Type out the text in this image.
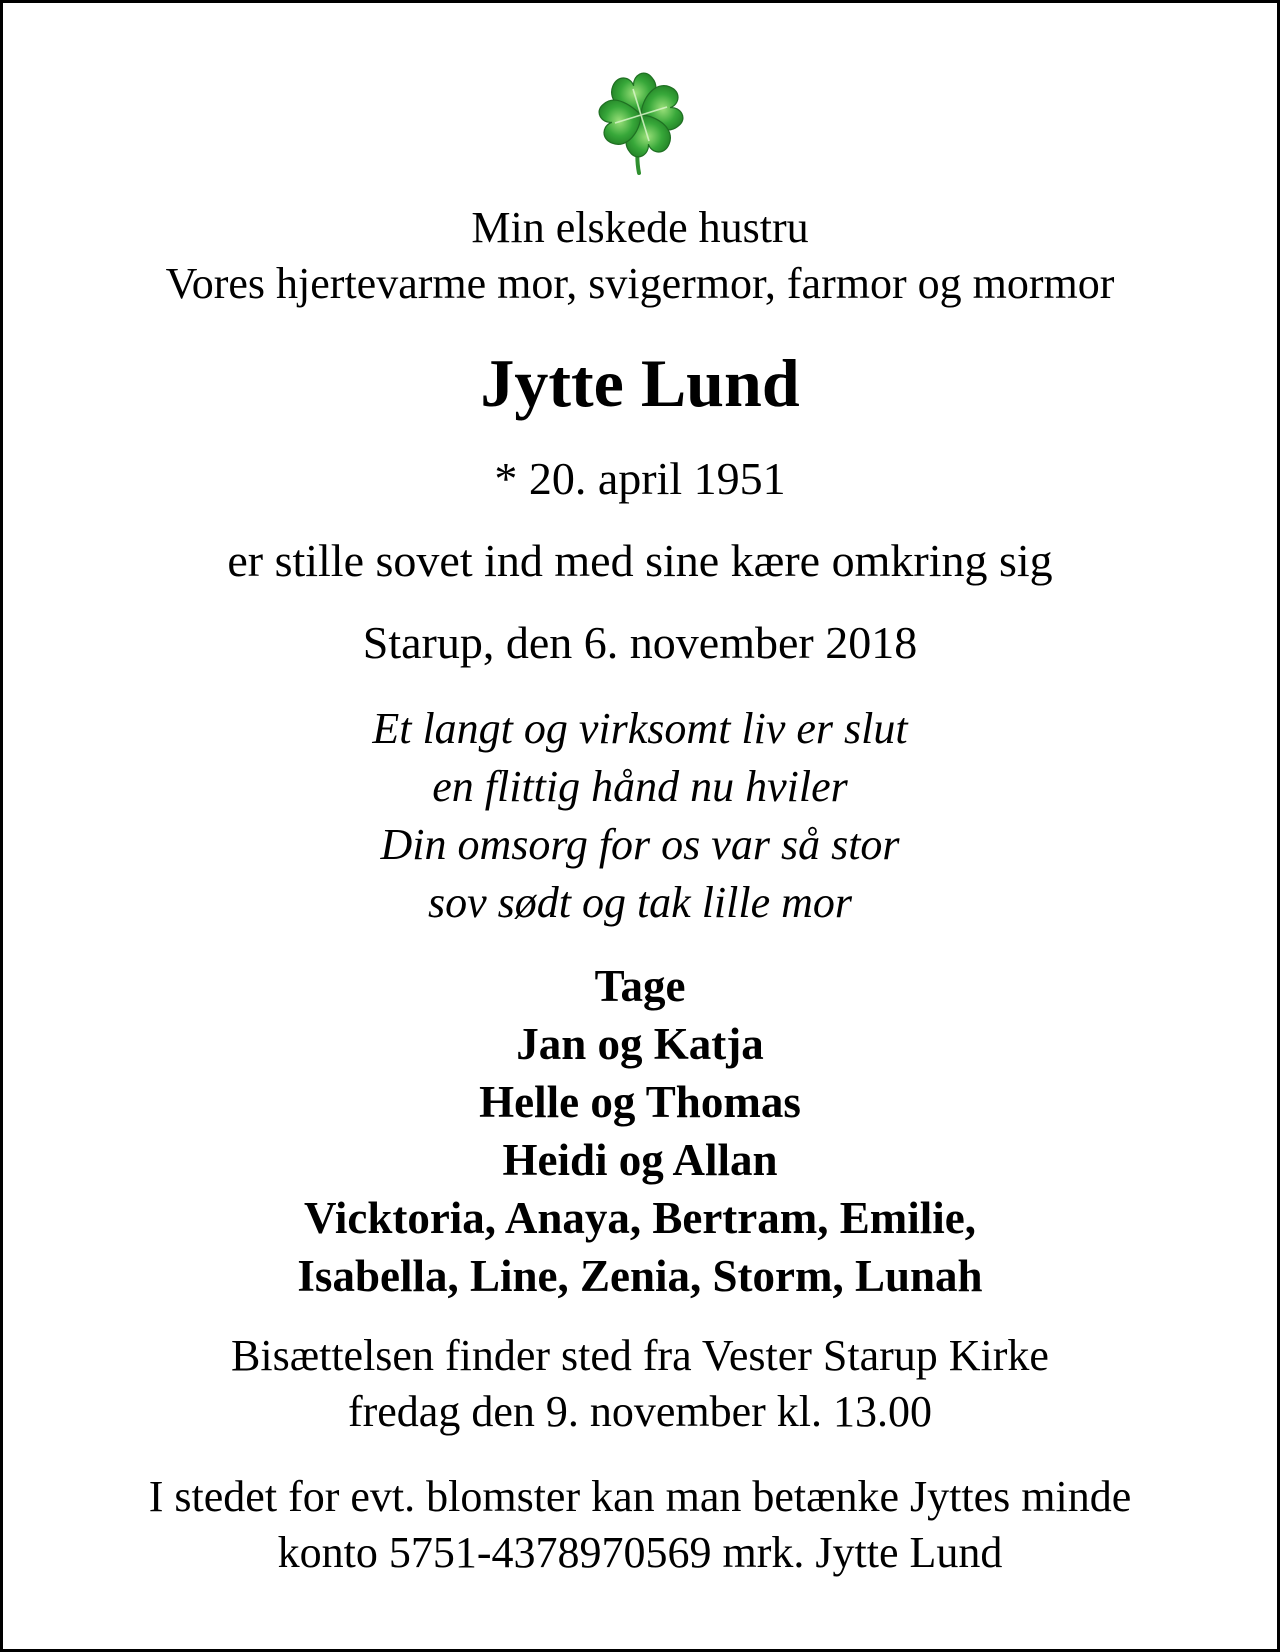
Min elskede hustru
Vores hjertevarme mor, svigermor, farmor og mormor
Jytte Lund
* 20. april 1951
er stille sovet ind med sine kære omkring sig
Starup, den 6. november 2018
Et langt og virksomt liv er slut
en flittig hånd nu hviler
Din omsorg for os var så stor
sov sødt og tak lille mor
Tage
Jan og Katja
Helle og Thomas
Heidi og Allan
Vicktoria, Anaya, Bertram, Emilie,
Isabella, Line, Zenia, Storm, Lunah
Bisættelsen finder sted fra Vester Starup Kirke
fredag den 9. november kl. 13.00
I stedet for evt. blomster kan man betænke Jyttes minde
konto 5751-4378970569 mrk. Jytte Lund
